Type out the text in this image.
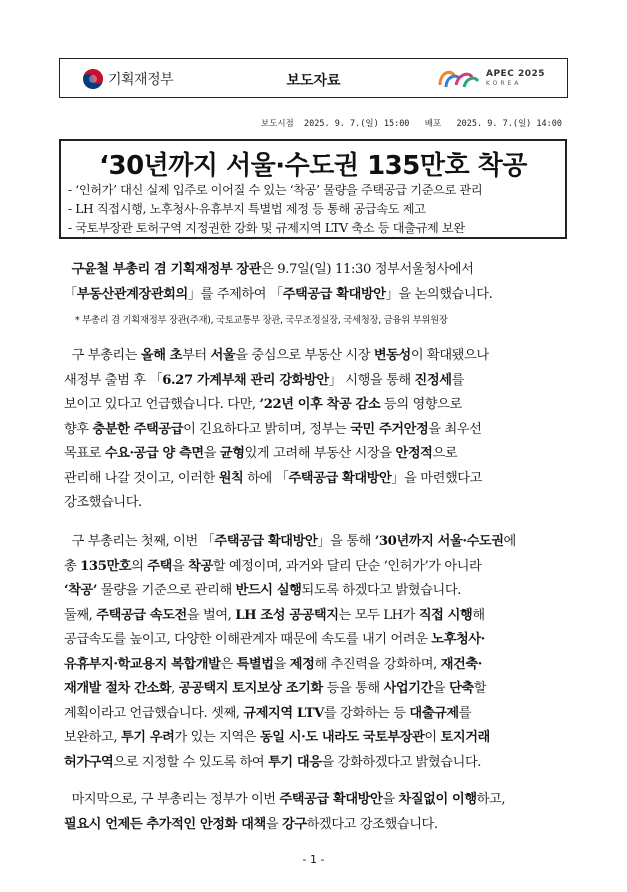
기획재정부	보도자료	APEC 2025
KOREA
보도시점  2025. 9. 7.(일) 15:00   배포   2025. 9. 7.(일) 14:00
‘30년까지 서울·수도권 135만호 착공
- ‘인허가’ 대신 실제 입주로 이어질 수 있는 ‘착공’ 물량을 주택공급 기준으로 관리
- LH 직접시행, 노후청사·유휴부지 특별법 제정 등 통해 공급속도 제고
- 국토부장관 토허구역 지정권한 강화 및 규제지역 LTV 축소 등 대출규제 보완
구윤철 부총리 겸 기획재정부 장관은 9.7일(일) 11:30 정부서울청사에서
「부동산관계장관회의」를 주제하여 「주택공급 확대방안」을 논의했습니다.
* 부총리 겸 기획재정부 장관(주재), 국토교통부 장관, 국무조정실장, 국세청장, 금융위 부위원장
구 부총리는 올해 초부터 서울을 중심으로 부동산 시장 변동성이 확대됐으나
새정부 출범 후 「6.27 가계부채 관리 강화방안」 시행을 통해 진정세를
보이고 있다고 언급했습니다. 다만, ’22년 이후 착공 감소 등의 영향으로
향후 충분한 주택공급이 긴요하다고 밝히며, 정부는 국민 주거안정을 최우선
목표로 수요·공급 양 측면을 균형있게 고려해 부동산 시장을 안정적으로
관리해 나갈 것이고, 이러한 원칙 하에 「주택공급 확대방안」을 마련했다고
강조했습니다.
구 부총리는 첫째, 이번 「주택공급 확대방안」을 통해 ’30년까지 서울·수도권에
총 135만호의 주택을 착공할 예정이며, 과거와 달리 단순 ‘인허가’가 아니라
‘착공’ 물량을 기준으로 관리해 반드시 실행되도록 하겠다고 밝혔습니다.
둘째, 주택공급 속도전을 벌여, LH 조성 공공택지는 모두 LH가 직접 시행해
공급속도를 높이고, 다양한 이해관계자 때문에 속도를 내기 어려운 노후청사·
유휴부지·학교용지 복합개발은 특별법을 제정해 추진력을 강화하며, 재건축·
재개발 절차 간소화, 공공택지 토지보상 조기화 등을 통해 사업기간을 단축할
계획이라고 언급했습니다. 셋째, 규제지역 LTV를 강화하는 등 대출규제를
보완하고, 투기 우려가 있는 지역은 동일 시·도 내라도 국토부장관이 토지거래
허가구역으로 지정할 수 있도록 하여 투기 대응을 강화하겠다고 밝혔습니다.
마지막으로, 구 부총리는 정부가 이번 주택공급 확대방안을 차질없이 이행하고,
필요시 언제든 추가적인 안정화 대책을 강구하겠다고 강조했습니다.
- 1 -
